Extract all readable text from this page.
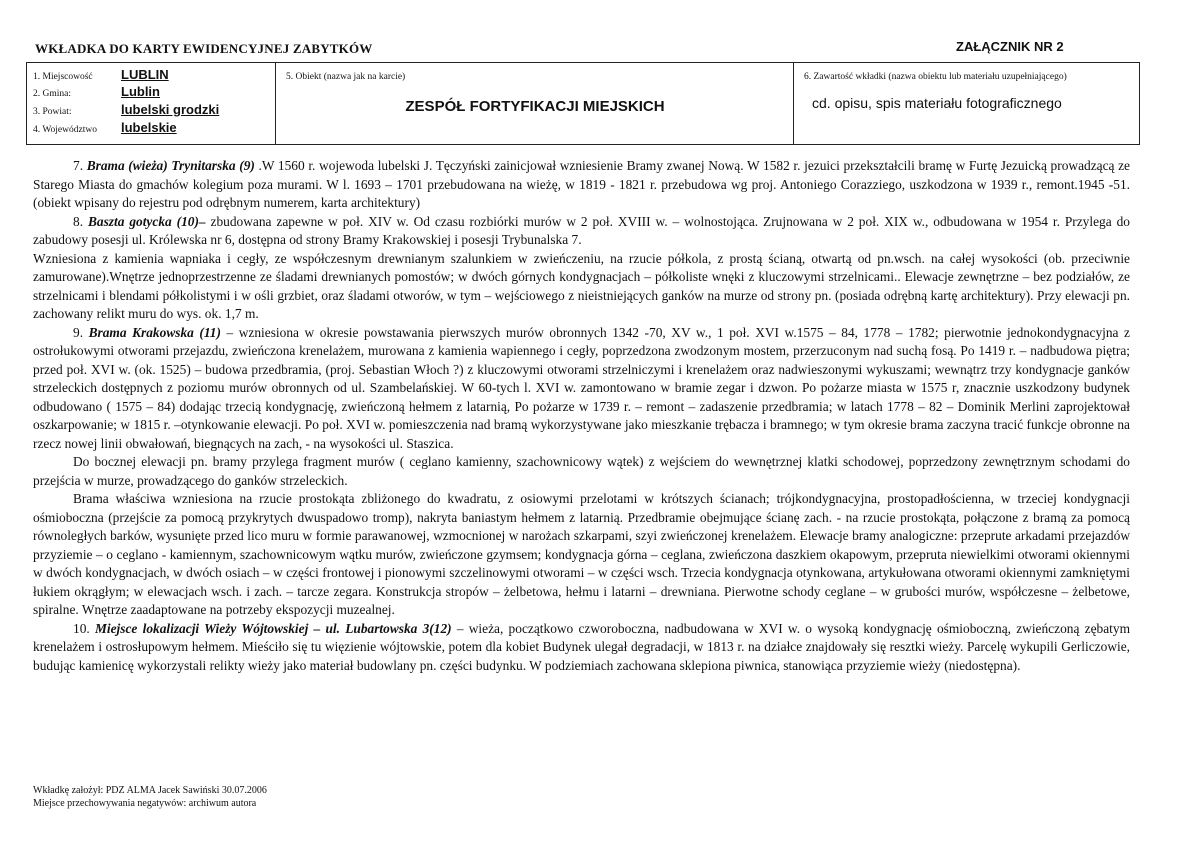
WKŁADKA DO KARTY EWIDENCYJNEJ ZABYTKÓW	ZAŁĄCZNIK NR 2
1. Miejscowość LUBLIN
2. Gmina:	Lublin
3. Powiat:	lubelski grodzki
4. Województwo lubelskie
5. Obiekt (nazwa jak na karcie)
ZESPÓŁ FORTYFIKACJI MIEJSKICH
6. Zawartość wkładki (nazwa obiektu lub materiału uzupełniającego)
cd. opisu, spis materiału fotograficznego

7. Brama (wieża) Trynitarska (9) .W 1560 r. wojewoda lubelski J. Tęczyński zainicjował wzniesienie Bramy zwanej Nową. W 1582 r. jezuici przekształcili bramę w Furtę Jezuicką prowadzącą ze Starego Miasta do gmachów kolegium poza murami. W l. 1693 – 1701 przebudowana na wieżę, w 1819 - 1821 r. przebudowa wg proj. Antoniego Corazziego, uszkodzona w 1939 r., remont.1945 -51. (obiekt wpisany do rejestru pod odrębnym numerem, karta architektury)

8. Baszta gotycka (10)– zbudowana zapewne w poł. XIV w. Od czasu rozbiórki murów w 2 poł. XVIII w. – wolnostojąca. Zrujnowana w 2 poł. XIX w., odbudowana w 1954 r. Przylega do zabudowy posesji ul. Królewska nr 6, dostępna od strony Bramy Krakowskiej i posesji Trybunalska 7.

Wzniesiona z kamienia wapniaka i cegły, ze współczesnym drewnianym szalunkiem w zwieńczeniu, na rzucie półkola, z prostą ścianą, otwartą od pn.wsch. na całej wysokości (ob. przeciwnie zamurowane).Wnętrze jednoprzestrzenne ze śladami drewnianych pomostów; w dwóch górnych kondygnacjach – półkoliste wnęki z kluczowymi strzelnicami.. Elewacje zewnętrzne – bez podziałów, ze strzelnicami i blendami półkolistymi i w ośli grzbiet, oraz śladami otworów, w tym – wejściowego z nieistniejących ganków na murze od strony pn. (posiada odrębną kartę architektury). Przy elewacji pn. zachowany relikt muru do wys. ok. 1,7 m.

9. Brama Krakowska (11) – wzniesiona w okresie powstawania pierwszych murów obronnych 1342 -70, XV w., 1 poł. XVI w.1575 – 84, 1778 – 1782; pierwotnie jednokondygnacyjna z ostrołukowymi otworami przejazdu, zwieńczona krenelażem, murowana z kamienia wapiennego i cegły, poprzedzona zwodzonym mostem, przerzuconym nad suchą fosą. Po 1419 r. – nadbudowa piętra; przed poł. XVI w. (ok. 1525) – budowa przedbramia, (proj. Sebastian Włoch ?) z kluczowymi otworami strzelniczymi i krenelażem oraz nadwieszonymi wykuszami; wewnątrz trzy kondygnacje ganków strzeleckich dostępnych z poziomu murów obronnych od ul. Szambelańskiej. W 60-tych l. XVI w. zamontowano w bramie zegar i dzwon. Po pożarze miasta w 1575 r, znacznie uszkodzony budynek odbudowano ( 1575 – 84) dodając trzecią kondygnację, zwieńczoną hełmem z latarnią, Po pożarze w 1739 r. – remont – zadaszenie przedbramia; w latach 1778 – 82 – Dominik Merlini zaprojektował oszkarpowanie; w 1815 r. –otynkowanie elewacji. Po poł. XVI w. pomieszczenia nad bramą wykorzystywane jako mieszkanie trębacza i bramnego; w tym okresie brama zaczyna tracić funkcje obronne na rzecz nowej linii obwałowań, biegnących na zach, - na wysokości ul. Staszica.

Do bocznej elewacji pn. bramy przylega fragment murów ( ceglano kamienny, szachownicowy wątek) z wejściem do wewnętrznej klatki schodowej, poprzedzony zewnętrznym schodami do przejścia w murze, prowadzącego do ganków strzeleckich.

Brama właściwa wzniesiona na rzucie prostokąta zbliżonego do kwadratu, z osiowymi przelotami w krótszych ścianach; trójkondygnacyjna, prostopadłościenna, w trzeciej kondygnacji ośmioboczna (przejście za pomocą przykrytych dwuspadowo tromp), nakryta baniastym hełmem z latarnią. Przedbramie obejmujące ścianę zach. - na rzucie prostokąta, połączone z bramą za pomocą równoległych barków, wysunięte przed lico muru w formie parawanowej, wzmocnionej w narożach szkarpami, szyi zwieńczonej krenelażem. Elewacje bramy analogiczne: przeprute arkadami przejazdów przyziemie – o ceglano - kamiennym, szachownicowym wątku murów, zwieńczone gzymsem; kondygnacja górna – ceglana, zwieńczona daszkiem okapowym, przepruta niewielkimi otworami okiennymi w dwóch kondygnacjach, w dwóch osiach – w części frontowej i pionowymi szczelinowymi otworami – w części wsch. Trzecia kondygnacja otynkowana, artykułowana otworami okiennymi zamkniętymi łukiem okrągłym; w elewacjach wsch. i zach. – tarcze zegara. Konstrukcja stropów – żelbetowa, hełmu i latarni – drewniana. Pierwotne schody ceglane – w grubości murów, współczesne – żelbetowe, spiralne. Wnętrze zaadaptowane na potrzeby ekspozycji muzealnej.

10. Miejsce lokalizacji Wieży Wójtowskiej – ul. Lubartowska 3(12) – wieża, początkowo czworoboczna, nadbudowana w XVI w. o wysoką kondygnację ośmioboczną, zwieńczoną zębatym krenelażem i ostrosłupowym hełmem. Mieściło się tu więzienie wójtowskie, potem dla kobiet Budynek ulegał degradacji, w 1813 r. na działce znajdowały się resztki wieży. Parcelę wykupili Gerliczowie, budując kamienicę wykorzystali relikty wieży jako materiał budowlany pn. części budynku. W podziemiach zachowana sklepiona piwnica, stanowiąca przyziemie wieży (niedostępna).

Wkładkę założył: PDZ ALMA Jacek Sawiński 30.07.2006
Miejsce przechowywania negatywów: archiwum autora
